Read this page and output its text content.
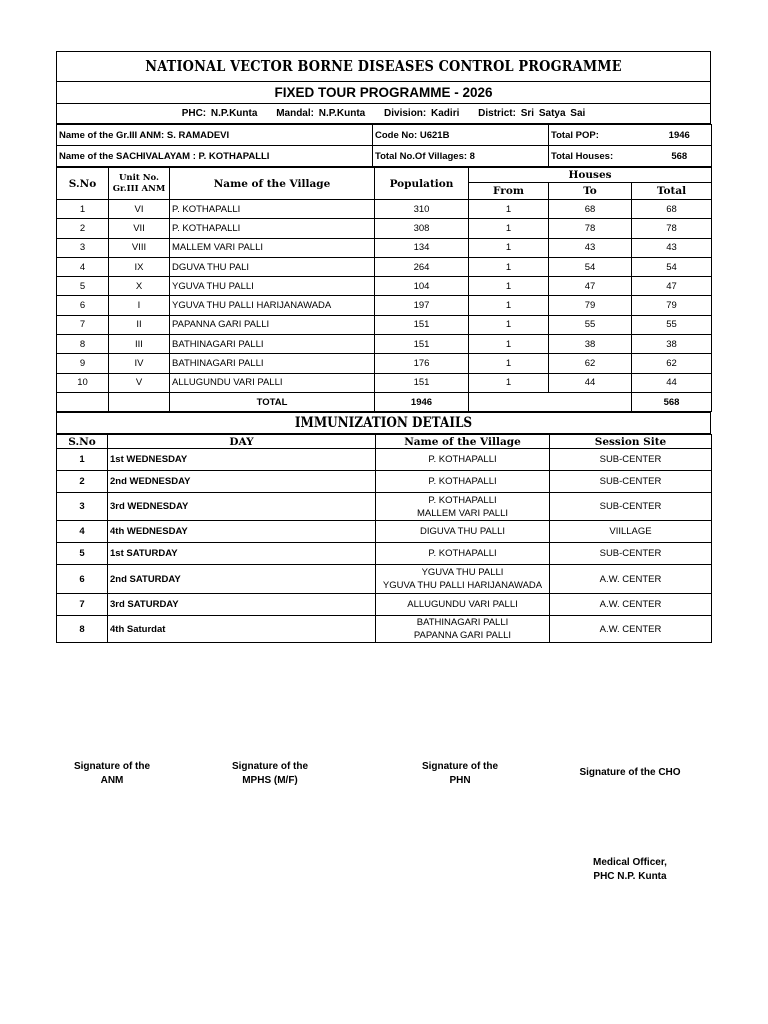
NATIONAL VECTOR BORNE DISEASES CONTROL PROGRAMME
FIXED TOUR PROGRAMME - 2026
PHC: N.P.Kunta Mandal: N.P.Kunta Division: Kadiri District: Sri Satya Sai
Name of the Gr.III ANM: S. RAMADEVI	Code No: U621B	Total POP:	1946
Name of the SACHIVALAYAM : P. KOTHAPALLI	Total No.Of Villages: 8	Total Houses:	568
S.No	Unit No. Gr.III ANM	Name of the Village	Population	Houses		
				From	To	Total
1	VI	P. KOTHAPALLI	310	1	68	68
2	VII	P. KOTHAPALLI	308	1	78	78
3	VIII	MALLEM VARI PALLI	134	1	43	43
4	IX	DGUVA THU PALI	264	1	54	54
5	X	YGUVA THU PALLI	104	1	47	47
6	I	YGUVA THU PALLI HARIJANAWADA	197	1	79	79
7	II	PAPANNA GARI PALLI	151	1	55	55
8	III	BATHINAGARI PALLI	151	1	38	38
9	IV	BATHINAGARI PALLI	176	1	62	62
10	V	ALLUGUNDU VARI PALLI	151	1	44	44
		TOTAL	1946			568
IMMUNIZATION DETAILS
S.No	DAY	Name of the Village	Session Site
1	1st WEDNESDAY	P. KOTHAPALLI	SUB-CENTER
2	2nd WEDNESDAY	P. KOTHAPALLI	SUB-CENTER
3	3rd WEDNESDAY	P. KOTHAPALLI
MALLEM VARI PALLI	SUB-CENTER
4	4th WEDNESDAY	DIGUVA THU PALLI	VIILLAGE
5	1st SATURDAY	P. KOTHAPALLI	SUB-CENTER
6	2nd SATURDAY	YGUVA THU PALLI
YGUVA THU PALLI HARIJANAWADA	A.W. CENTER
7	3rd SATURDAY	ALLUGUNDU VARI PALLI	A.W. CENTER
8	4th Saturdat	BATHINAGARI PALLI
PAPANNA GARI PALLI	A.W. CENTER
Signature of the
ANM
Signature of the
MPHS (M/F)
Signature of the
PHN
Signature of the CHO
Medical Officer,
PHC N.P. Kunta
